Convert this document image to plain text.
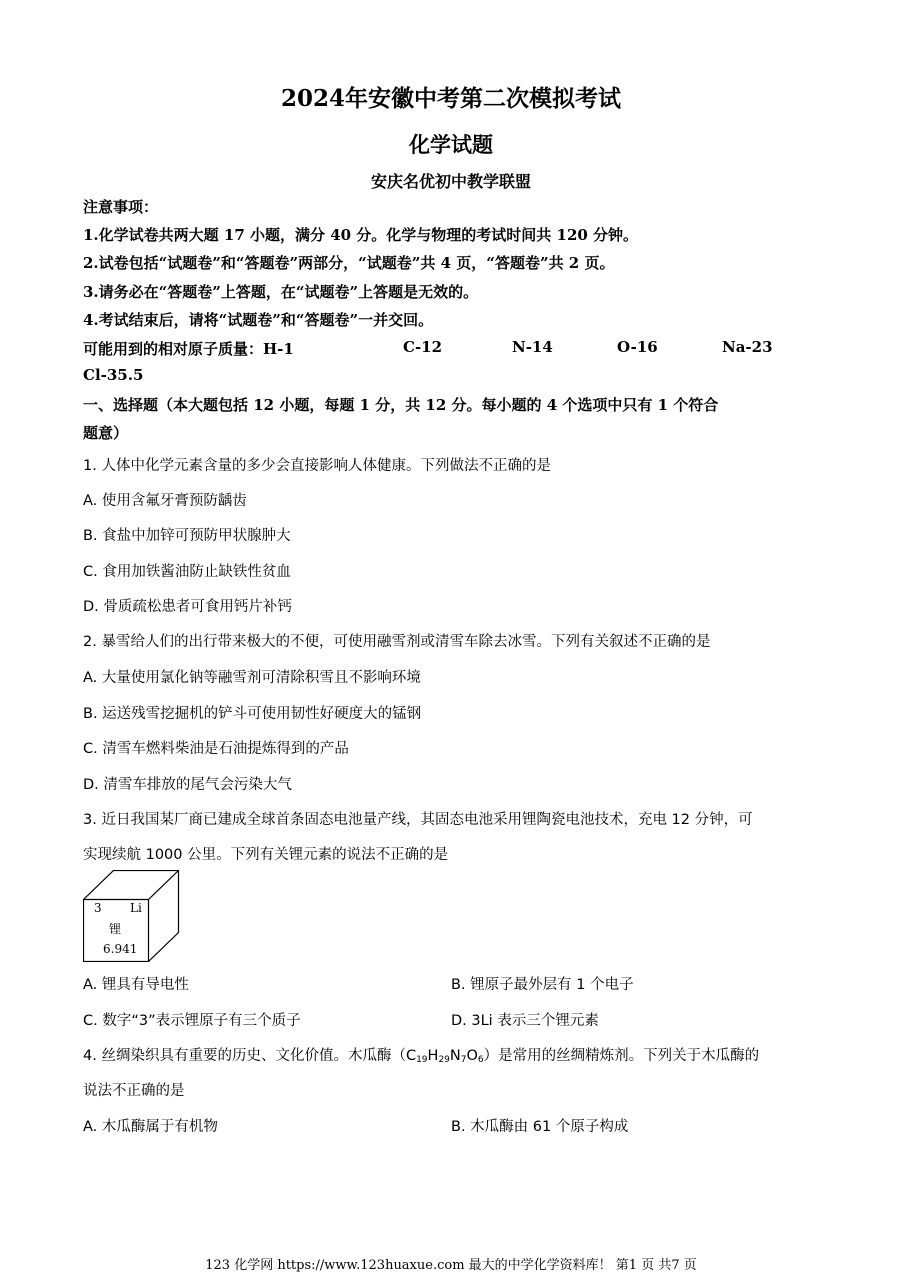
2024年安徽中考第二次模拟考试
化学试题
安庆名优初中教学联盟
注意事项：
1.化学试卷共两大题 17 小题，满分 40 分。化学与物理的考试时间共 120 分钟。
2.试卷包括“试题卷”和“答题卷”两部分，“试题卷”共 4 页，“答题卷”共 2 页。
3.请务必在“答题卷”上答题，在“试题卷”上答题是无效的。
4.考试结束后，请将“试题卷”和“答题卷”一并交回。
可能用到的相对原子质量：H-1	C-12	N-14	O-16	Na-23
Cl-35.5
一、选择题（本大题包括 12 小题，每题 1 分，共 12 分。每小题的 4 个选项中只有 1 个符合
题意）
1. 人体中化学元素含量的多少会直接影响人体健康。下列做法不正确的是
A. 使用含氟牙膏预防龋齿
B. 食盐中加锌可预防甲状腺肿大
C. 食用加铁酱油防止缺铁性贫血
D. 骨质疏松患者可食用钙片补钙
2. 暴雪给人们的出行带来极大的不便，可使用融雪剂或清雪车除去冰雪。下列有关叙述不正确的是
A. 大量使用氯化钠等融雪剂可清除积雪且不影响环境
B. 运送残雪挖掘机的铲斗可使用韧性好硬度大的锰钢
C. 清雪车燃料柴油是石油提炼得到的产品
D. 清雪车排放的尾气会污染大气
3. 近日我国某厂商已建成全球首条固态电池量产线，其固态电池采用锂陶瓷电池技术，充电 12 分钟，可
实现续航 1000 公里。下列有关锂元素的说法不正确的是
3 Li
锂
6.941
A. 锂具有导电性	B. 锂原子最外层有 1 个电子
C. 数字“3”表示锂原子有三个质子	D. 3Li 表示三个锂元素
4. 丝绸染织具有重要的历史、文化价值。木瓜酶$(C_{19}H_{29}N_7O_6)$是常用的丝绸精炼剂。下列关于木瓜酶的
说法不正确的是
A. 木瓜酶属于有机物	B. 木瓜酶由 61 个原子构成
123 化学网 https://www.123huaxue.com 最大的中学化学资料库！ 第1 页 共7 页
